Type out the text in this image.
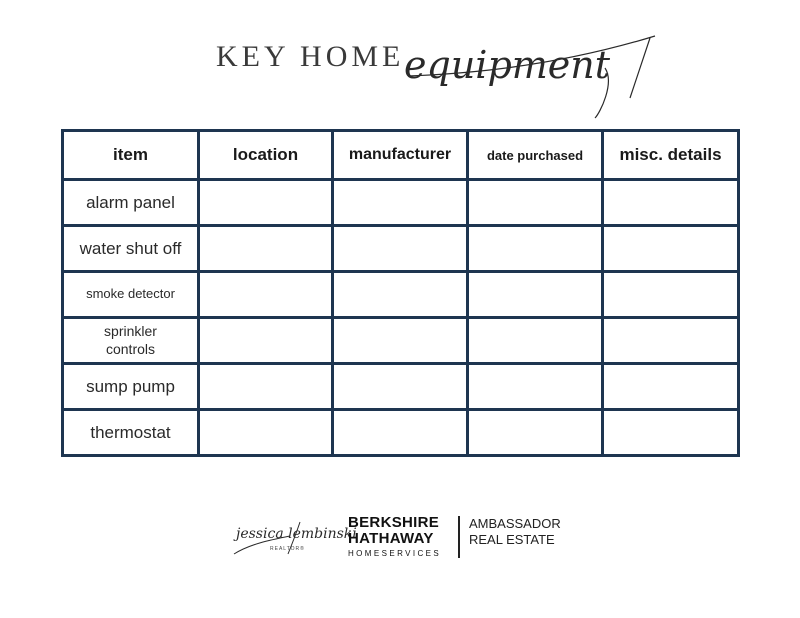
KEY HOME equipment
item	location	manufacturer	date purchased	misc. details
alarm panel				
water shut off				
smoke detector				
sprinkler controls				
sump pump				
thermostat				
jessica lembinski
REALTOR®
BERKSHIRE
HATHAWAY
HOMESERVICES
AMBASSADOR
REAL ESTATE
